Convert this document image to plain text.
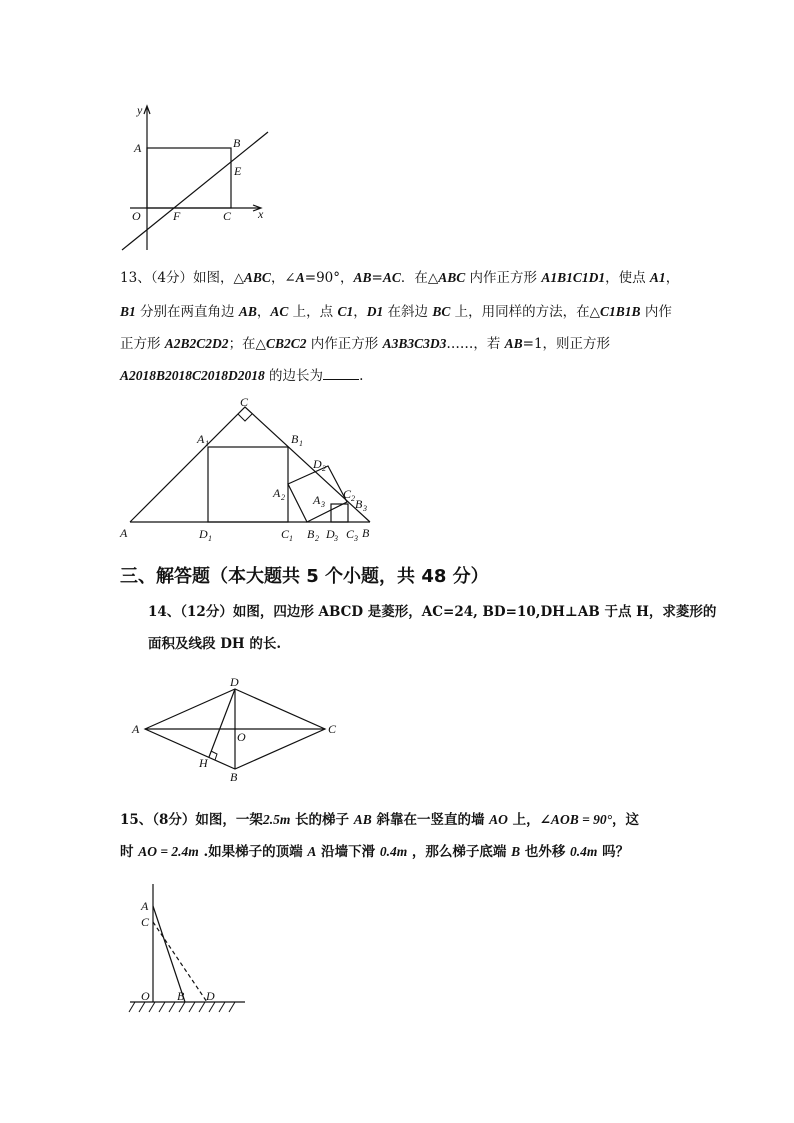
y
A	B
E
O	F	C x
13、（4分）如图，△ABC，∠A=90°，AB=AC．在△ABC 内作正方形 A1B1C1D1，使点 A1，
B1 分别在两直角边 AB，AC 上，点 C1，D1 在斜边 BC 上，用同样的方法，在△C1B1B 内作
正方形 A2B2C2D2；在△CB2C2 内作正方形 A3B3C3D3……，若 AB=1，则正方形
A2018B2018C2018D2018 的边长为	.
C
A 1	B 1
D 2
A 2 A 3
C 2 B 3
A	B
D 1	C 1 B 2 D 3 C 3
三、解答题（本大题共 5 个小题，共 48 分）
14、（12分）如图，四边形 ABCD 是菱形，AC=24, BD=10,DH⊥AB 于点 H，求菱形的
面积及线段 DH 的长.
A
D
C
O
H
B
15、（8分）如图，一架2.5m 长的梯子 AB 斜靠在一竖直的墙 AO 上，∠AOB = 90°，这
时 AO = 2.4m .如果梯子的顶端 A 沿墙下滑 0.4m ，那么梯子底端 B 也外移 0.4m 吗？
A
C
O B D
